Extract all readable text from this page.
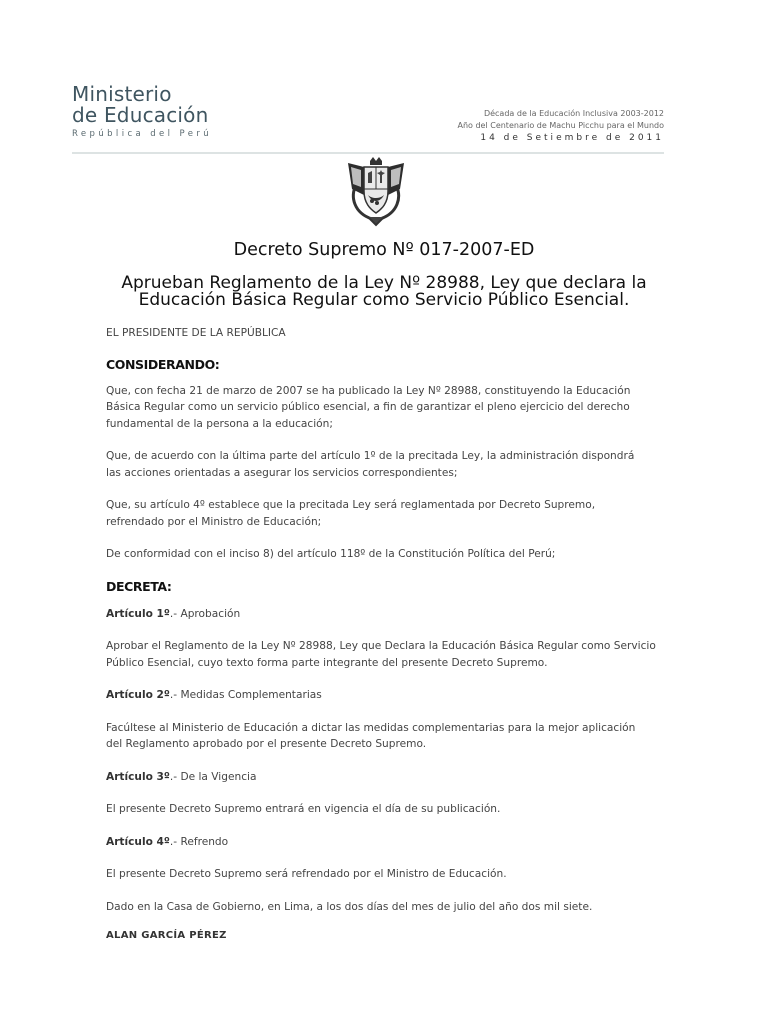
Ministerio
de Educación
República del Perú
Década de la Educación Inclusiva 2003-2012
Año del Centenario de Machu Picchu para el Mundo
14 de Setiembre de 2011
Decreto Supremo Nº 017-2007-ED
Aprueban Reglamento de la Ley Nº 28988, Ley que declara la
Educación Básica Regular como Servicio Público Esencial.

EL PRESIDENTE DE LA REPÚBLICA

CONSIDERANDO:

Que, con fecha 21 de marzo de 2007 se ha publicado la Ley Nº 28988, constituyendo la Educación

Básica Regular como un servicio público esencial, a fin de garantizar el pleno ejercicio del derecho

fundamental de la persona a la educación;

Que, de acuerdo con la última parte del artículo 1º de la precitada Ley, la administración dispondrá

las acciones orientadas a asegurar los servicios correspondientes;

Que, su artículo 4º establece que la precitada Ley será reglamentada por Decreto Supremo,

refrendado por el Ministro de Educación;

De conformidad con el inciso 8) del artículo 118º de la Constitución Política del Perú;

DECRETA:

Artículo 1º.- Aprobación

Aprobar el Reglamento de la Ley Nº 28988, Ley que Declara la Educación Básica Regular como Servicio

Público Esencial, cuyo texto forma parte integrante del presente Decreto Supremo.

Artículo 2º.- Medidas Complementarias

Facúltese al Ministerio de Educación a dictar las medidas complementarias para la mejor aplicación

del Reglamento aprobado por el presente Decreto Supremo.

Artículo 3º.- De la Vigencia

El presente Decreto Supremo entrará en vigencia el día de su publicación.

Artículo 4º.- Refrendo

El presente Decreto Supremo será refrendado por el Ministro de Educación.

Dado en la Casa de Gobierno, en Lima, a los dos días del mes de julio del año dos mil siete.

ALAN GARCÍA PÉREZ
